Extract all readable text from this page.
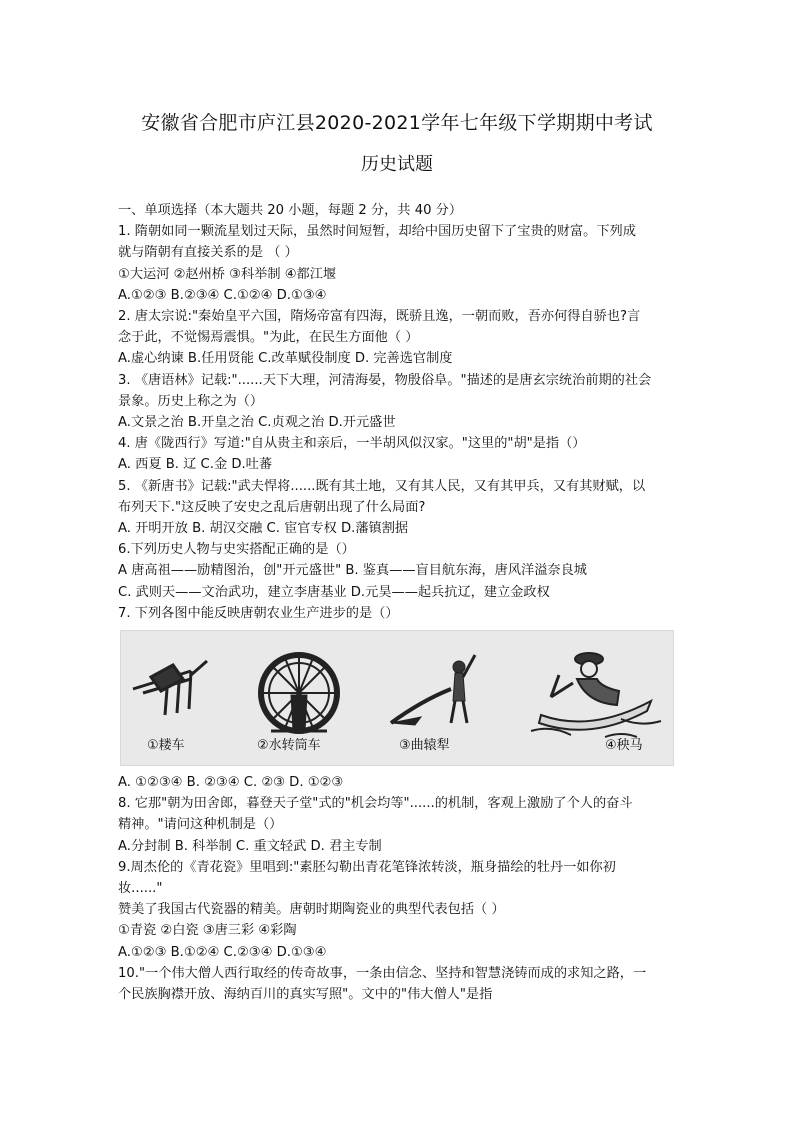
安徽省合肥市庐江县2020-2021学年七年级下学期期中考试
历史试题
一、单项选择（本大题共 20 小题，每题 2 分，共 40 分）
1. 隋朝如同一颗流星划过天际，虽然时间短暂，却给中国历史留下了宝贵的财富。下列成
就与隋朝有直接关系的是 （ ）
①大运河 ②赵州桥 ③科举制 ④都江堰
A.①②③ B.②③④ C.①②④ D.①③④
2. 唐太宗说:"秦始皇平六国，隋炀帝富有四海，既骄且逸，一朝而败，吾亦何得自骄也?言
念于此，不觉惕焉震惧。"为此，在民生方面他（ ）
A.虚心纳谏 B.任用贤能 C.改革赋役制度 D. 完善选官制度
3. 《唐语林》记载:"......天下大理，河清海晏，物殷俗阜。"描述的是唐玄宗统治前期的社会
景象。历史上称之为（）
A.文景之治 B.开皇之治 C.贞观之治 D.开元盛世
4. 唐《陇西行》写道:"自从贵主和亲后，一半胡风似汉家。"这里的"胡"是指（）
A. 西夏 B. 辽 C.金 D.吐蕃
5. 《新唐书》记载:"武夫悍将......既有其土地，又有其人民，又有其甲兵，又有其财赋，以
布列天下."这反映了安史之乱后唐朝出现了什么局面?
A. 开明开放 B. 胡汉交融 C. 宦官专权 D.藩镇割据
6.下列历史人物与史实搭配正确的是（）
A 唐高祖——励精图治，创"开元盛世" B. 鉴真——盲目航东海，唐风洋溢奈良城
C. 武则天——文治武功，建立李唐基业 D.元昊——起兵抗辽，建立金政权
7. 下列各图中能反映唐朝农业生产进步的是（）
①耧车	②水转筒车	③曲辕犁	④秧马
A. ①②③④ B. ②③④ C. ②③ D. ①②③
8. 它那"朝为田舍郎，暮登天子堂"式的"机会均等"......的机制，客观上激励了个人的奋斗
精神。"请问这种机制是（）
A.分封制 B. 科举制 C. 重文轻武 D. 君主专制
9.周杰伦的《青花瓷》里唱到:"素胚勾勒出青花笔锋浓转淡，瓶身描绘的牡丹一如你初
妆......"
赞美了我国古代瓷器的精美。唐朝时期陶瓷业的典型代表包括（ ）
①青瓷 ②白瓷 ③唐三彩 ④彩陶
A.①②③ B.①②④ C.②③④ D.①③④
10."一个伟大僧人西行取经的传奇故事，一条由信念、坚持和智慧浇铸而成的求知之路，一
个民族胸襟开放、海纳百川的真实写照"。文中的"伟大僧人"是指
